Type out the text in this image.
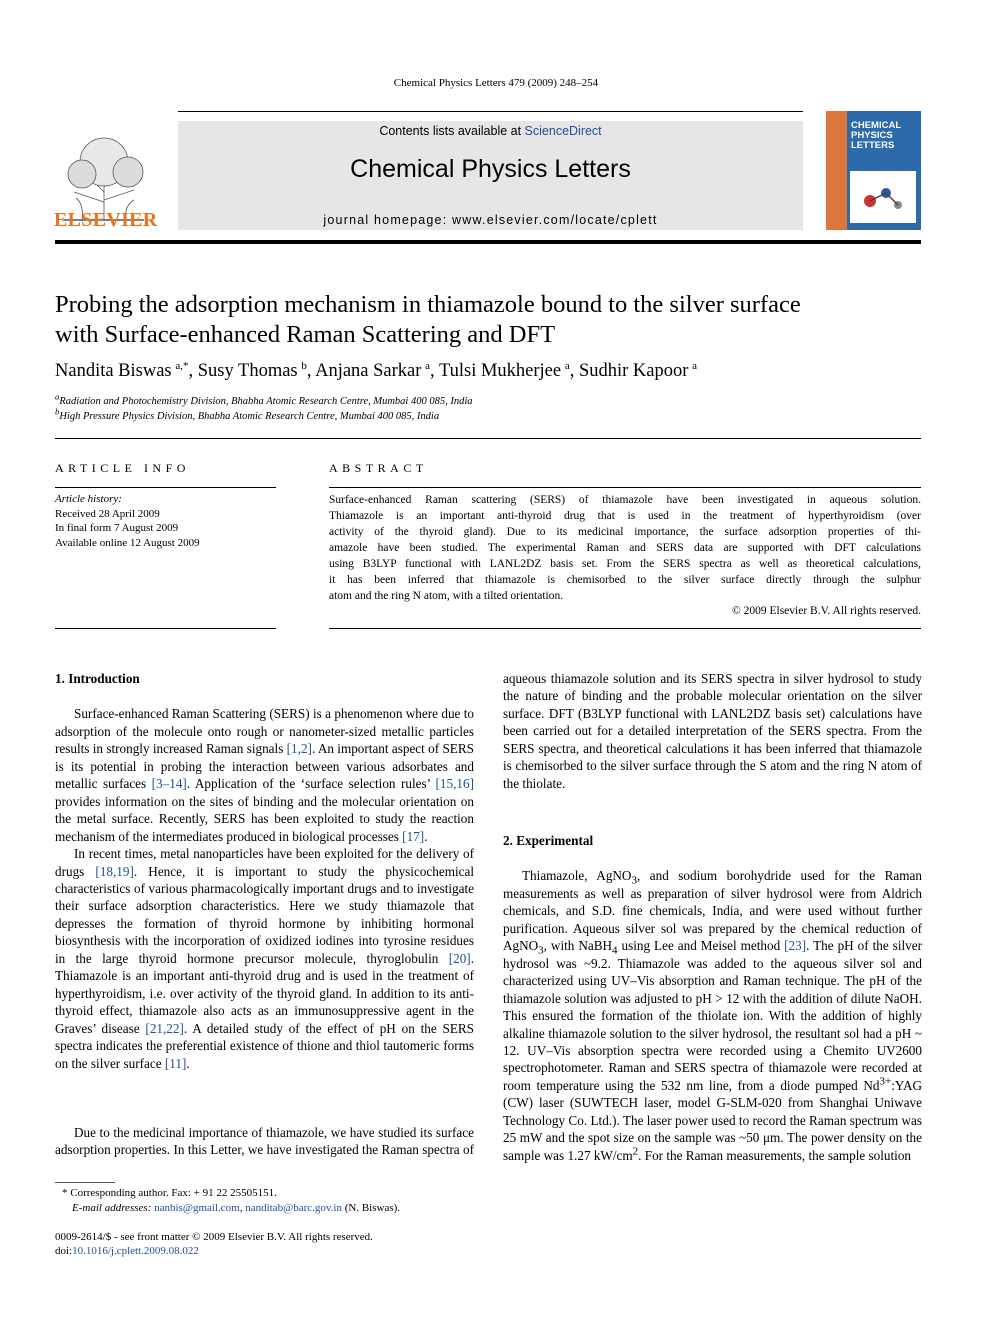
Chemical Physics Letters 479 (2009) 248–254
ELSEVIER
Contents lists available at ScienceDirect
Chemical Physics Letters
journal homepage: www.elsevier.com/locate/cplett
CHEMICAL
PHYSICS
LETTERS
Probing the adsorption mechanism in thiamazole bound to the silver surface
with Surface-enhanced Raman Scattering and DFT
Nandita Biswas  $^{a,*}$, Susy Thomas  $^b$, Anjana Sarkar  $^a$, Tulsi Mukherjee  $^a$, Sudhir Kapoor  $^a$
$^a$Radiation and Photochemistry Division, Bhabha Atomic Research Centre, Mumbai 400 085, India
$^b$High Pressure Physics Division, Bhabha Atomic Research Centre, Mumbai 400 085, India
ARTICLE INFO
Article history:
Received 28 April 2009
In final form 7 August 2009
Available online 12 August 2009
ABSTRACT
Surface-enhanced Raman scattering (SERS) of thiamazole have been investigated in aqueous solution.
Thiamazole is an important anti-thyroid drug that is used in the treatment of hyperthyroidism (over
activity of the thyroid gland). Due to its medicinal importance, the surface adsorption properties of thi-
amazole have been studied. The experimental Raman and SERS data are supported with DFT calculations
using B3LYP functional with LANL2DZ basis set. From the SERS spectra as well as theoretical calculations,
it has been inferred that thiamazole is chemisorbed to the silver surface directly through the sulphur
atom and the ring N atom, with a tilted orientation.
© 2009 Elsevier B.V. All rights reserved.

1. Introduction

Surface-enhanced Raman Scattering (SERS) is a phenomenon where due to adsorption of the molecule onto rough or nanometer-sized metallic particles results in strongly increased Raman signals [1,2]. An important aspect of SERS is its potential in probing the interaction between various adsorbates and metallic surfaces [3–14]. Application of the ‘surface selection rules’ [15,16] provides information on the sites of binding and the molecular orientation on the metal surface. Recently, SERS has been exploited to study the reaction mechanism of the intermediates produced in biological processes [17].

In recent times, metal nanoparticles have been exploited for the delivery of drugs [18,19]. Hence, it is important to study the physicochemical characteristics of various pharmacologically important drugs and to investigate their surface adsorption characteristics. Here we study thiamazole that depresses the formation of thyroid hormone by inhibiting hormonal biosynthesis with the incorporation of oxidized iodines into tyrosine residues in the large thyroid hormone precursor molecule, thyroglobulin [20]. Thiamazole is an important anti-thyroid drug and is used in the treatment of hyperthyroidism, i.e. over activity of the thyroid gland. In addition to its anti-thyroid effect, thiamazole also acts as an immunosuppressive agent in the Graves’ disease [21,22]. A detailed study of the effect of pH on the SERS spectra indicates the preferential existence of thione and thiol tautomeric forms on the silver surface [11].

Due to the medicinal importance of thiamazole, we have studied its surface adsorption properties. In this Letter, we have investigated the Raman spectra of

aqueous thiamazole solution and its SERS spectra in silver hydrosol to study the nature of binding and the probable molecular orientation on the silver surface. DFT (B3LYP functional with LANL2DZ basis set) calculations have been carried out for a detailed interpretation of the SERS spectra. From the SERS spectra, and theoretical calculations it has been inferred that thiamazole is chemisorbed to the silver surface through the S atom and the ring N atom of the thiolate.

2. Experimental

Thiamazole, AgNO$_3$, and sodium borohydride used for the Raman measurements as well as preparation of silver hydrosol were from Aldrich chemicals, and S.D. fine chemicals, India, and were used without further purification. Aqueous silver sol was prepared by the chemical reduction of AgNO$_3$, with NaBH$_4$ using Lee and Meisel method [23]. The pH of the silver hydrosol was ~9.2. Thiamazole was added to the aqueous silver sol and characterized using UV–Vis absorption and Raman technique. The pH of the thiamazole solution was adjusted to pH > 12 with the addition of dilute NaOH. This ensured the formation of the thiolate ion. With the addition of highly alkaline thiamazole solution to the silver hydrosol, the resultant sol had a pH ~ 12. UV–Vis absorption spectra were recorded using a Chemito UV2600 spectrophotometer. Raman and SERS spectra of thiamazole were recorded at room temperature using the 532 nm line, from a diode pumped $Nd^{3+}:YAG$ (CW) laser (SUWTECH laser, model G-SLM-020 from Shanghai Uniwave Technology Co. Ltd.). The laser power used to record the Raman spectrum was 25 mW and the spot size on the sample was ~50 μm. The power density on the sample was 1.27 $kW/cm^2$. For the Raman measurements, the sample solution

* Corresponding author. Fax: + 91 22 25505151.
E-mail addresses: nanbis@gmail.com, nanditab@barc.gov.in (N. Biswas).
0009-2614/$ - see front matter © 2009 Elsevier B.V. All rights reserved.
doi:10.1016/j.cplett.2009.08.022
